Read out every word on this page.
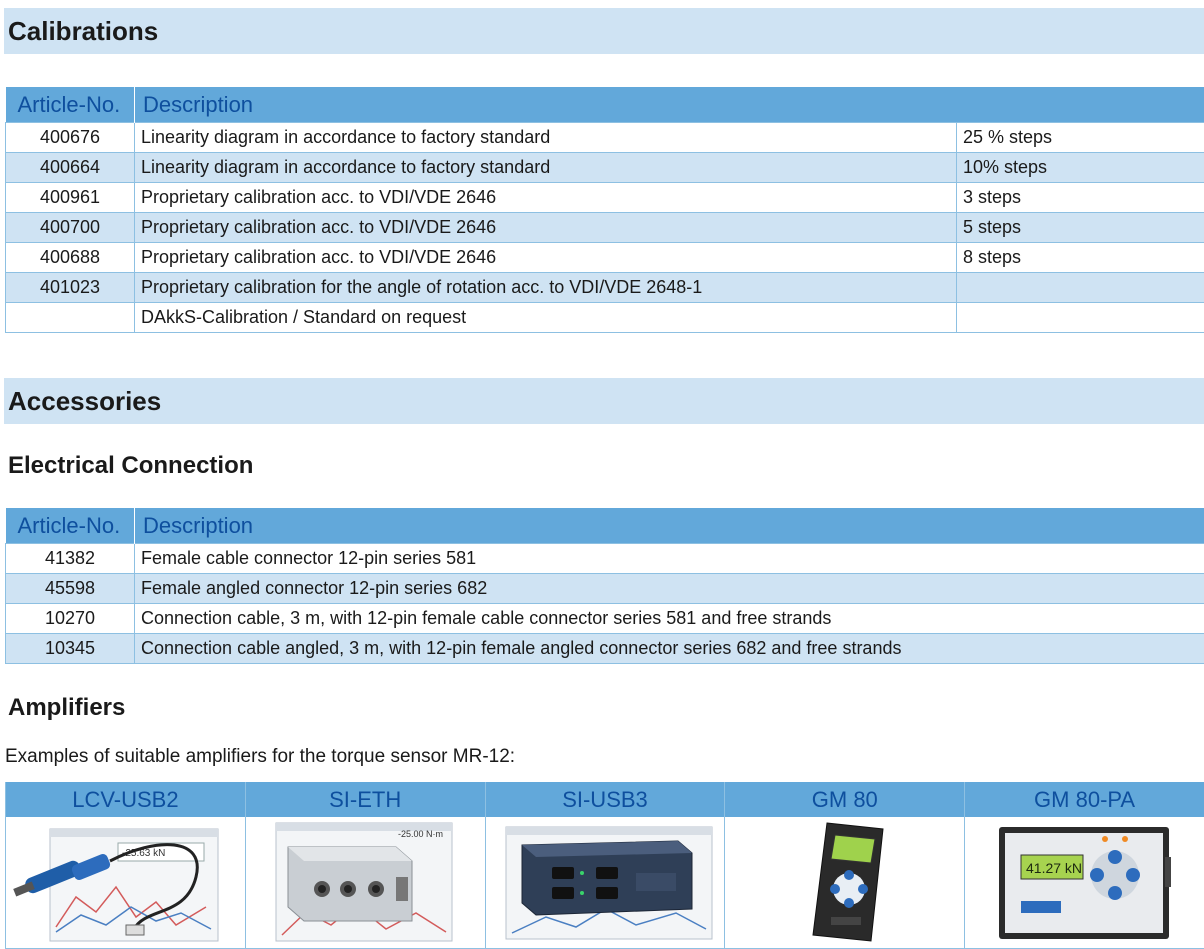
Calibrations
Article-No.	Description	
400676	Linearity diagram in accordance to factory standard	25 % steps
400664	Linearity diagram in accordance to factory standard	10% steps
400961	Proprietary calibration acc. to VDI/VDE 2646	3 steps
400700	Proprietary calibration acc. to VDI/VDE 2646	5 steps
400688	Proprietary calibration acc. to VDI/VDE 2646	8 steps
401023	Proprietary calibration for the angle of rotation acc. to VDI/VDE 2648-1	
	DAkkS-Calibration / Standard on request	
Accessories
Electrical Connection
Article-No.	Description
41382	Female cable connector 12-pin series 581
45598	Female angled connector 12-pin series 682
10270	Connection cable, 3 m, with 12-pin female cable connector series 581 and free strands
10345	Connection cable angled, 3 m, with 12-pin female angled connector series 682 and free strands
Amplifiers
Examples of suitable amplifiers for the torque sensor MR-12:
LCV-USB2
-25.63 kN
SI-ETH
-25.00 N·m
SI-USB3	GM 80	GM 80-PA
41.27 kN
